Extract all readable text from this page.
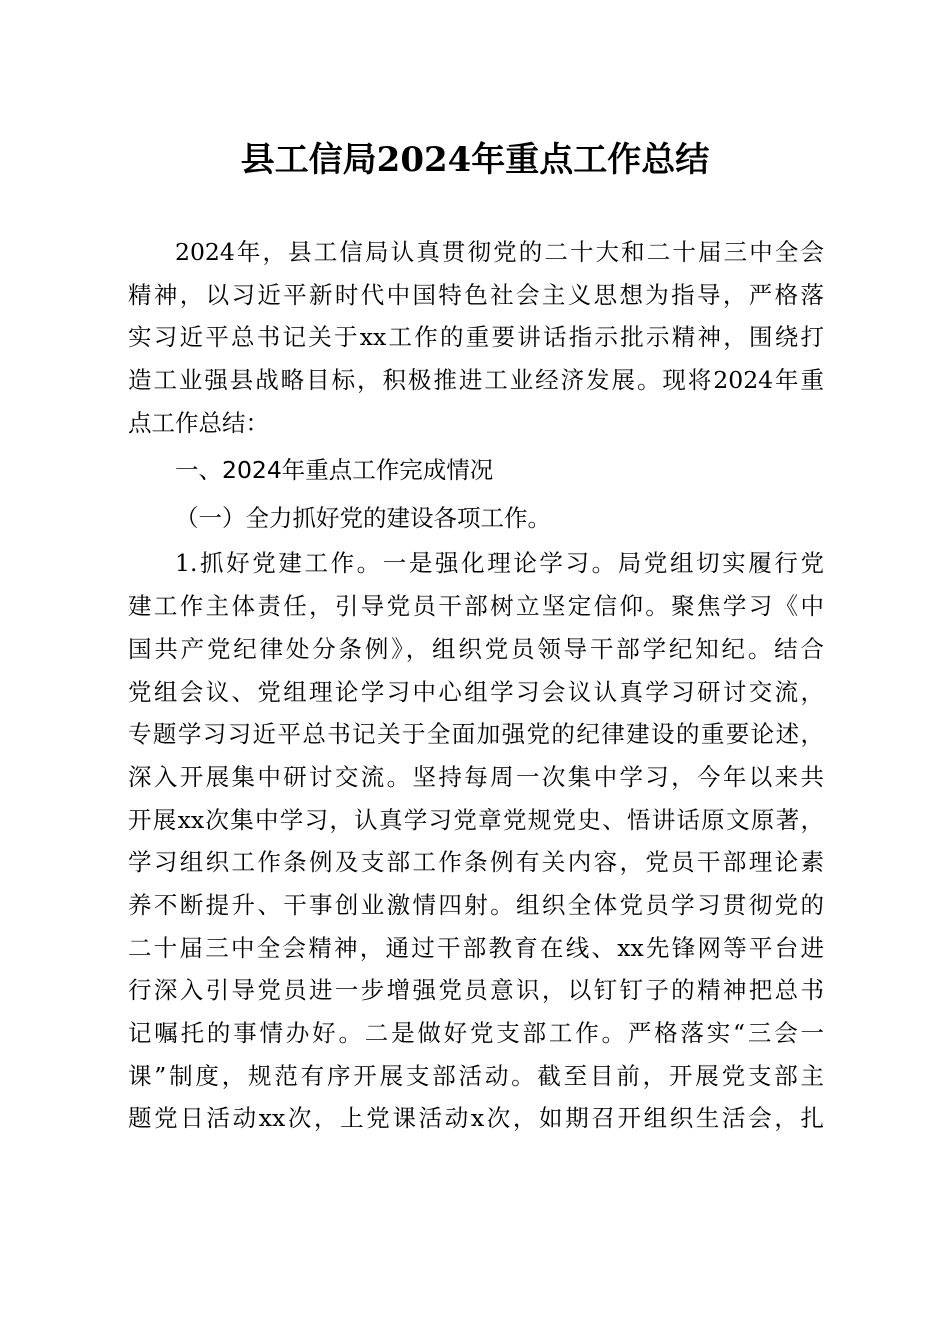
县工信局2024年重点工作总结
2024年，县工信局认真贯彻党的二十大和二十届三中全会
精神，以习近平新时代中国特色社会主义思想为指导，严格落
实习近平总书记关于xx工作的重要讲话指示批示精神，围绕打
造工业强县战略目标，积极推进工业经济发展。现将2024年重
点工作总结：
一、2024年重点工作完成情况
（一）全力抓好党的建设各项工作。
1.抓好党建工作。一是强化理论学习。局党组切实履行党
建工作主体责任，引导党员干部树立坚定信仰。聚焦学习《中
国共产党纪律处分条例》，组织党员领导干部学纪知纪。结合
党组会议、党组理论学习中心组学习会议认真学习研讨交流，
专题学习习近平总书记关于全面加强党的纪律建设的重要论述，
深入开展集中研讨交流。坚持每周一次集中学习，今年以来共
开展xx次集中学习，认真学习党章党规党史、悟讲话原文原著，
学习组织工作条例及支部工作条例有关内容，党员干部理论素
养不断提升、干事创业激情四射。组织全体党员学习贯彻党的
二十届三中全会精神，通过干部教育在线、xx先锋网等平台进
行深入引导党员进一步增强党员意识，以钉钉子的精神把总书
记嘱托的事情办好。二是做好党支部工作。严格落实“三会一
课”制度，规范有序开展支部活动。截至目前，开展党支部主
题党日活动xx次，上党课活动x次，如期召开组织生活会，扎
